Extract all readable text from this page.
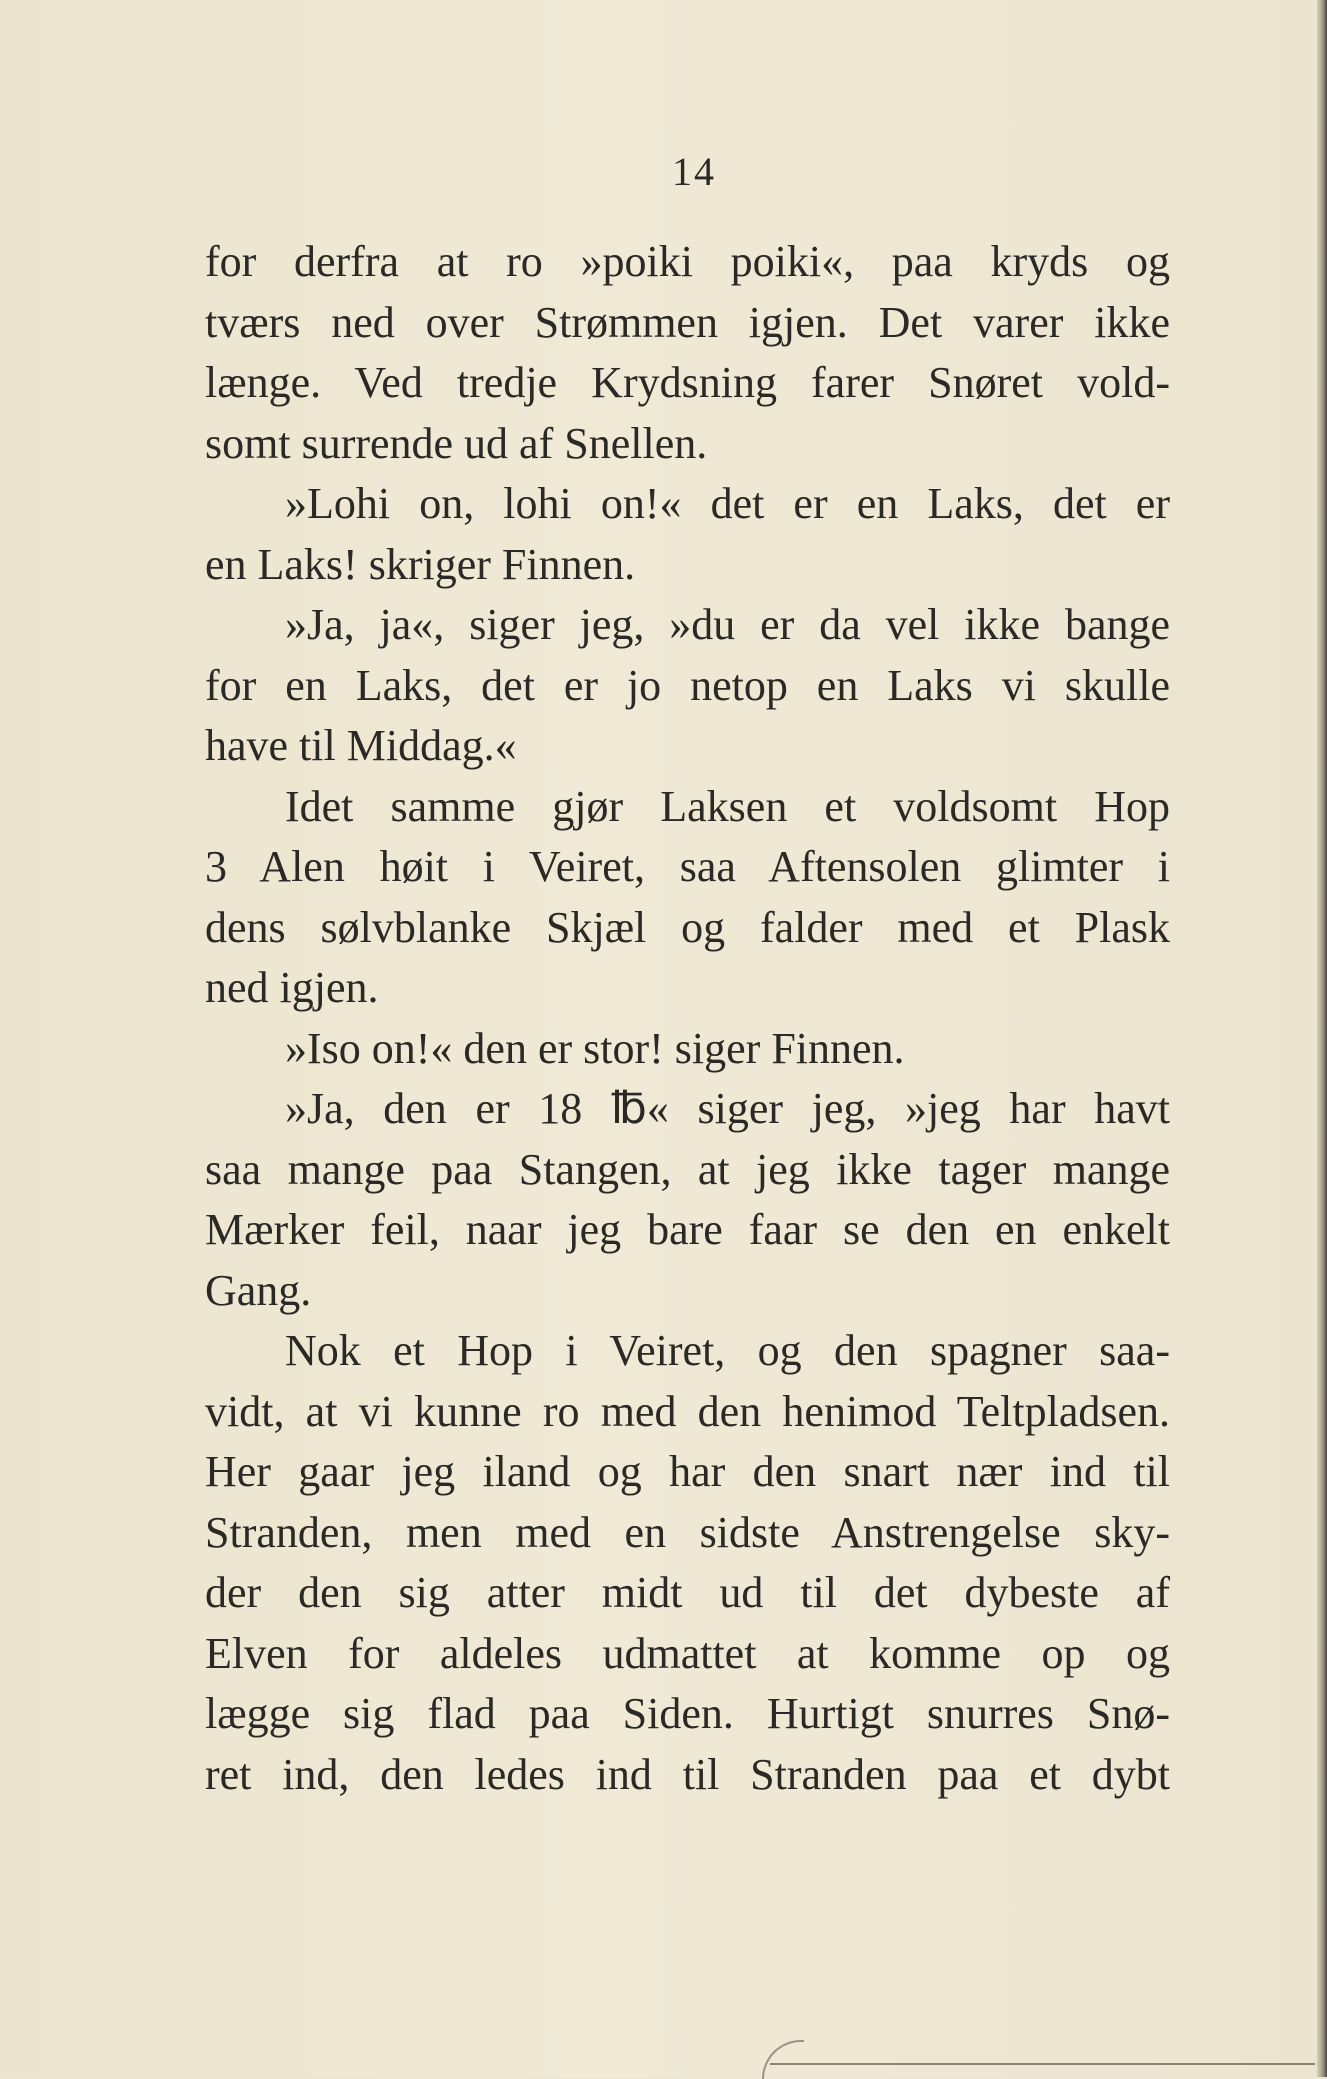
14

for derfra at ro »poiki poiki«, paa kryds og
tværs ned over Strømmen igjen. Det varer ikke
længe. Ved tredje Krydsning farer Snøret vold-
somt surrende ud af Snellen.
»Lohi on, lohi on!« det er en Laks, det er
en Laks! skriger Finnen.
»Ja, ja«, siger jeg, »du er da vel ikke bange
for en Laks, det er jo netop en Laks vi skulle
have til Middag.«
Idet samme gjør Laksen et voldsomt Hop
3 Alen høit i Veiret, saa Aftensolen glimter i
dens sølvblanke Skjæl og falder med et Plask
ned igjen.
»Iso on!« den er stor! siger Finnen.
»Ja, den er 18 ℔« siger jeg, »jeg har havt
saa mange paa Stangen, at jeg ikke tager mange
Mærker feil, naar jeg bare faar se den en enkelt
Gang.
Nok et Hop i Veiret, og den spagner saa-
vidt, at vi kunne ro med den henimod Teltpladsen.
Her gaar jeg iland og har den snart nær ind til
Stranden, men med en sidste Anstrengelse sky-
der den sig atter midt ud til det dybeste af
Elven for aldeles udmattet at komme op og
lægge sig flad paa Siden. Hurtigt snurres Snø-
ret ind, den ledes ind til Stranden paa et dybt
